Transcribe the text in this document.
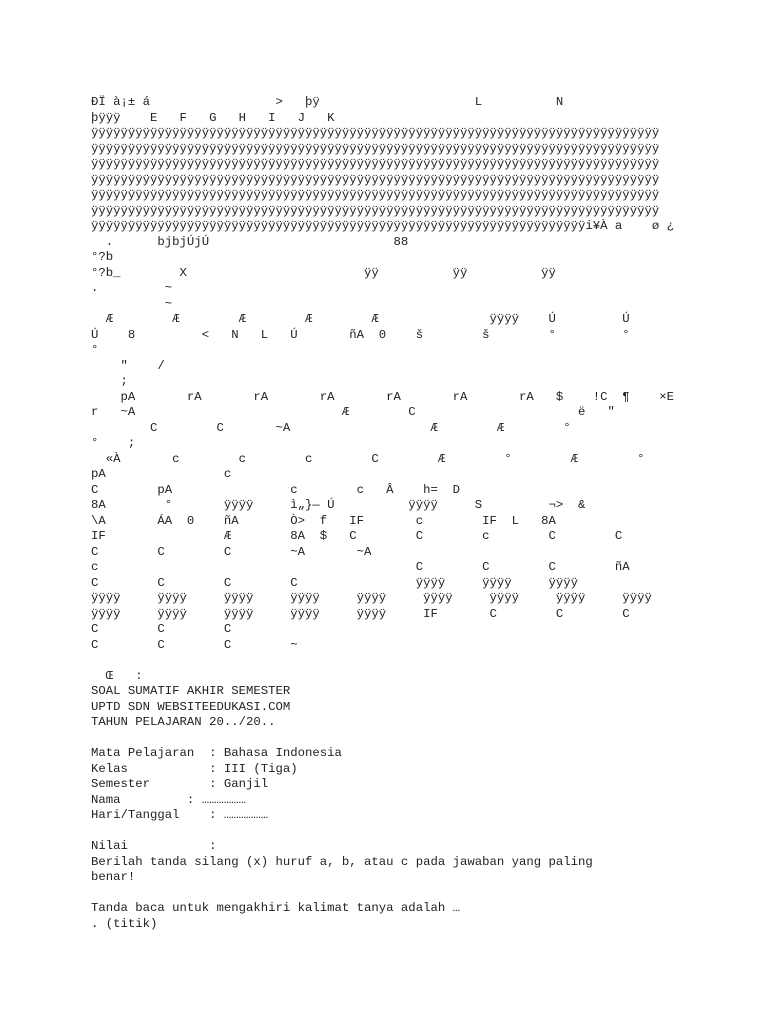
ÐÏ à¡± á                 >   þÿ                     L          N
þÿÿÿ    E   F   G   H   I   J   K
ÿÿÿÿÿÿÿÿÿÿÿÿÿÿÿÿÿÿÿÿÿÿÿÿÿÿÿÿÿÿÿÿÿÿÿÿÿÿÿÿÿÿÿÿÿÿÿÿÿÿÿÿÿÿÿÿÿÿÿÿÿÿÿÿÿÿÿÿÿÿÿÿÿÿÿÿÿ
ÿÿÿÿÿÿÿÿÿÿÿÿÿÿÿÿÿÿÿÿÿÿÿÿÿÿÿÿÿÿÿÿÿÿÿÿÿÿÿÿÿÿÿÿÿÿÿÿÿÿÿÿÿÿÿÿÿÿÿÿÿÿÿÿÿÿÿÿÿÿÿÿÿÿÿÿÿ
ÿÿÿÿÿÿÿÿÿÿÿÿÿÿÿÿÿÿÿÿÿÿÿÿÿÿÿÿÿÿÿÿÿÿÿÿÿÿÿÿÿÿÿÿÿÿÿÿÿÿÿÿÿÿÿÿÿÿÿÿÿÿÿÿÿÿÿÿÿÿÿÿÿÿÿÿÿ
ÿÿÿÿÿÿÿÿÿÿÿÿÿÿÿÿÿÿÿÿÿÿÿÿÿÿÿÿÿÿÿÿÿÿÿÿÿÿÿÿÿÿÿÿÿÿÿÿÿÿÿÿÿÿÿÿÿÿÿÿÿÿÿÿÿÿÿÿÿÿÿÿÿÿÿÿÿ
ÿÿÿÿÿÿÿÿÿÿÿÿÿÿÿÿÿÿÿÿÿÿÿÿÿÿÿÿÿÿÿÿÿÿÿÿÿÿÿÿÿÿÿÿÿÿÿÿÿÿÿÿÿÿÿÿÿÿÿÿÿÿÿÿÿÿÿÿÿÿÿÿÿÿÿÿÿ
ÿÿÿÿÿÿÿÿÿÿÿÿÿÿÿÿÿÿÿÿÿÿÿÿÿÿÿÿÿÿÿÿÿÿÿÿÿÿÿÿÿÿÿÿÿÿÿÿÿÿÿÿÿÿÿÿÿÿÿÿÿÿÿÿÿÿÿÿÿÿÿÿÿÿÿÿÿ
ÿÿÿÿÿÿÿÿÿÿÿÿÿÿÿÿÿÿÿÿÿÿÿÿÿÿÿÿÿÿÿÿÿÿÿÿÿÿÿÿÿÿÿÿÿÿÿÿÿÿÿÿÿÿÿÿÿÿÿÿÿÿÿÿÿÿÿi¥À a    ø ¿
.      bjbjÚjÚ                         88
°?b
°?b_        X                        ÿÿ          ÿÿ          ÿÿ
.         ~
~
Æ        Æ        Æ        Æ        Æ               ÿÿÿÿ    Ú         Ú
Ú    8         <   N   L   Ú       ñA  0    š        š        °         °
°
"    /
;
pA       rA       rA       rA       rA       rA       rA   $    !C  ¶    ×E
r   ~A                            Æ        C                      ë   "
C        C       ~A                   Æ        Æ        °
°    ;
«À       c        c        c        C        Æ        °        Æ        °
pA                c
C        pA                c        c   Â    h=  D
8A        °       ÿÿÿÿ     ì„}— Ú          ÿÿÿÿ     S         ¬>  &
\A       ÁA  0    ñA       Ò>  f   IF       c        IF  L   8A
IF                Æ        8A  $   C        C        c        C        C
C        C        C        ~A       ~A
c                                           C        C        C        ñA
C        C        C        C                ÿÿÿÿ     ÿÿÿÿ     ÿÿÿÿ
ÿÿÿÿ     ÿÿÿÿ     ÿÿÿÿ     ÿÿÿÿ     ÿÿÿÿ     ÿÿÿÿ     ÿÿÿÿ     ÿÿÿÿ     ÿÿÿÿ
ÿÿÿÿ     ÿÿÿÿ     ÿÿÿÿ     ÿÿÿÿ     ÿÿÿÿ     IF       C        C        C
C        C        C
C        C        C        ~
Œ   :
SOAL SUMATIF AKHIR SEMESTER
UPTD SDN WEBSITEEDUKASI.COM
TAHUN PELAJARAN 20../20..
Mata Pelajaran  : Bahasa Indonesia
Kelas           : III (Tiga)
Semester        : Ganjil
Nama         : ………………
Hari/Tanggal    : ………………
Nilai           :
Berilah tanda silang (x) huruf a, b, atau c pada jawaban yang paling
benar!
Tanda baca untuk mengakhiri kalimat tanya adalah …
. (titik)
